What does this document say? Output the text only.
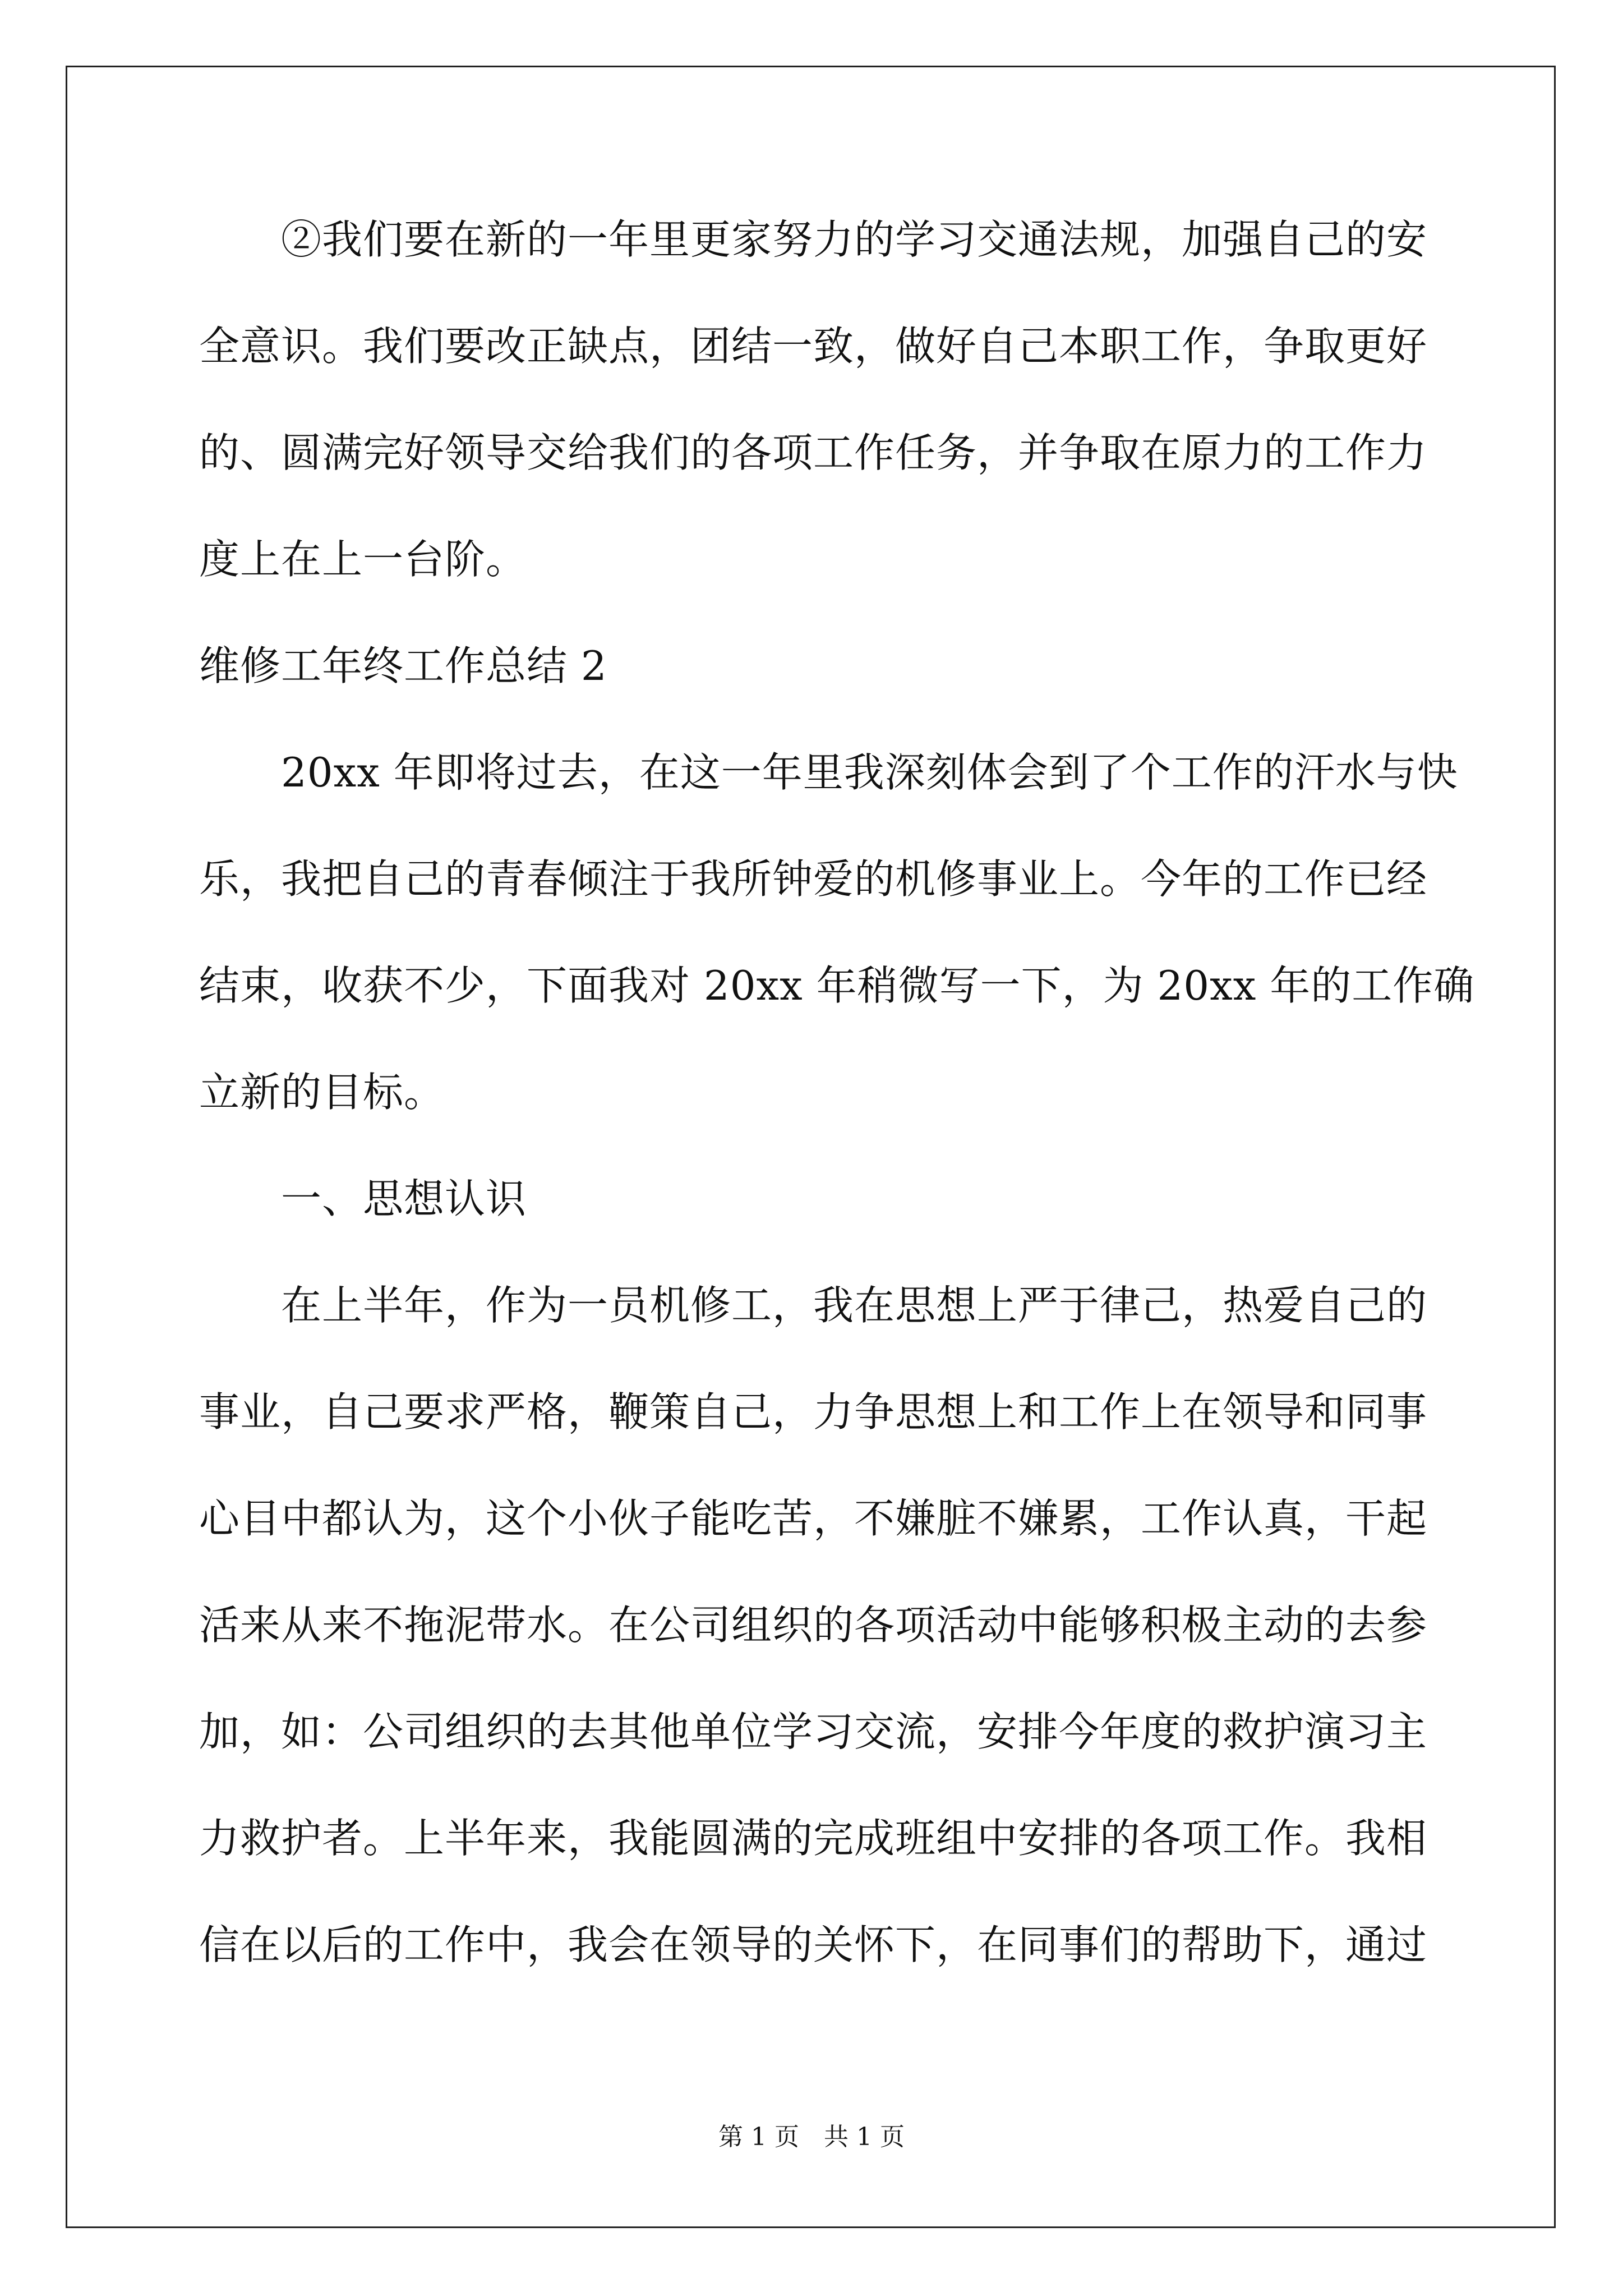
②我们要在新的一年里更家努力的学习交通法规，加强自己的安
全意识。我们要改正缺点，团结一致，做好自己本职工作，争取更好
的、圆满完好领导交给我们的各项工作任务，并争取在原力的工作力
度上在上一台阶。
维修工年终工作总结 2
20xx 年即将过去，在这一年里我深刻体会到了个工作的汗水与快
乐，我把自己的青春倾注于我所钟爱的机修事业上。今年的工作已经
结束，收获不少，下面我对 20xx 年稍微写一下，为 20xx 年的工作确
立新的目标。
一、思想认识
在上半年，作为一员机修工，我在思想上严于律己，热爱自己的
事业，自己要求严格，鞭策自己，力争思想上和工作上在领导和同事
心目中都认为，这个小伙子能吃苦，不嫌脏不嫌累，工作认真，干起
活来从来不拖泥带水。在公司组织的各项活动中能够积极主动的去参
加，如：公司组织的去其他单位学习交流，安排今年度的救护演习主
力救护者。上半年来，我能圆满的完成班组中安排的各项工作。我相
信在以后的工作中，我会在领导的关怀下，在同事们的帮助下，通过
第 1 页　共 1 页
